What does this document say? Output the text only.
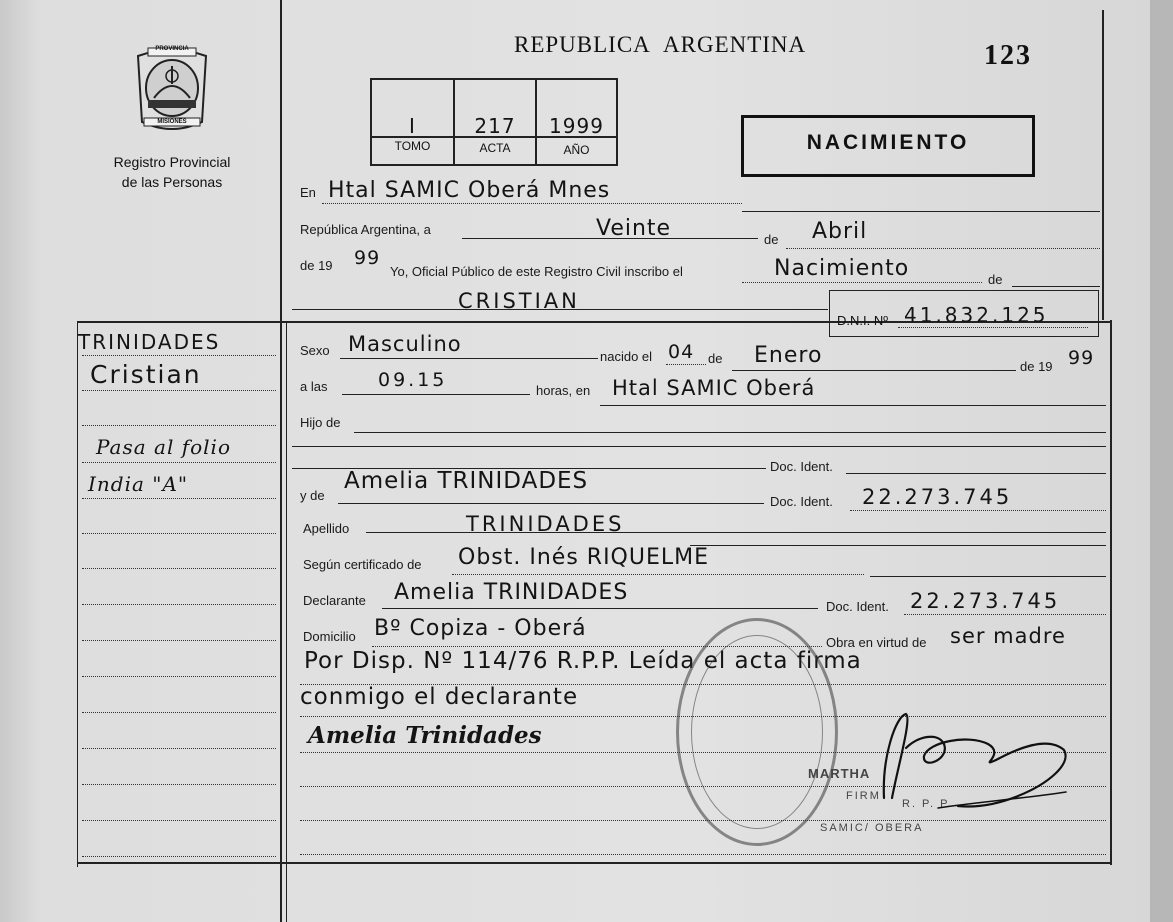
PROVINCIA
MISIONES
Registro Provincial
de las Personas
REPUBLICA ARGENTINA	123
I	217	1999
TOMO	ACTA	AÑO	NACIMIENTO
En Htal SAMIC Oberá Mnes
República Argentina, a	Veinte	de Abril
de 19 99
Yo, Oficial Público de este Registro Civil inscribo el	Nacimiento	de
CRISTIAN
D.N.I. Nº 41.832.125
Sexo Masculino
nacido el 04 de Enero	de 19 99
a las	09.15	horas, en Htal SAMIC Oberá
Hijo de
Doc. Ident.
y de
Amelia TRINIDADES
Doc. Ident. 22.273.745
Apellido	TRINIDADES
Según certificado de Obst. Inés RIQUELME
Declarante Amelia TRINIDADES
Doc. Ident. 22.273.745
Domicilio Bº Copiza - Oberá
Obra en virtud de ser madre
Por Disp. Nº 114/76 R.P.P. Leída el acta firma
conmigo el declarante
Amelia Trinidades
MARTHA
FIRM
R. P. P.
SAMIC/ OBERA
TRINIDADES
Cristian
Pasa al folio
India "A"
